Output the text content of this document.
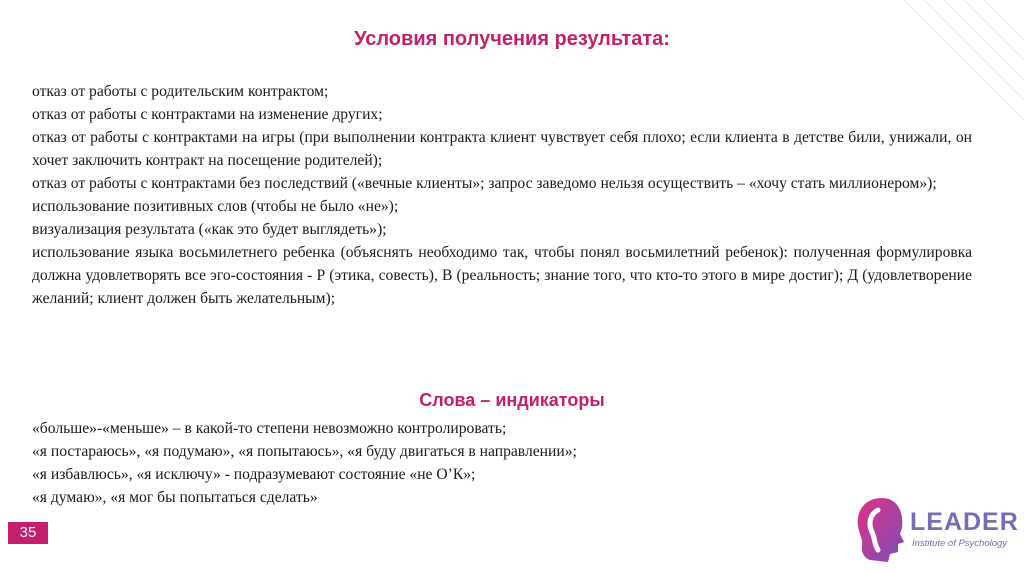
Условия получения результата:
отказ от работы с родительским контрактом;
отказ от работы с контрактами на изменение других;
отказ от работы с контрактами на игры (при выполнении контракта клиент чувствует себя плохо; если клиента в детстве били, унижали, он хочет заключить контракт на посещение родителей);
отказ от работы с контрактами без последствий («вечные клиенты»; запрос заведомо нельзя осуществить – «хочу стать миллионером»);
использование позитивных слов (чтобы не было «не»);
визуализация результата («как это будет выглядеть»);
использование языка восьмилетнего ребенка (объяснять необходимо так, чтобы понял восьмилетний ребенок): полученная формулировка должна удовлетворять все эго-состояния - Р (этика, совесть), В (реальность; знание того, что кто-то этого в мире достиг); Д (удовлетворение желаний; клиент должен быть желательным);
Слова – индикаторы
«больше»-«меньше» – в какой-то степени невозможно контролировать;
«я постараюсь», «я подумаю», «я попытаюсь», «я буду двигаться в направлении»;
«я избавлюсь», «я исключу» - подразумевают состояние «не О’К»;
«я думаю», «я мог бы попытаться сделать»
35	LEADER
Institute of Psychology
